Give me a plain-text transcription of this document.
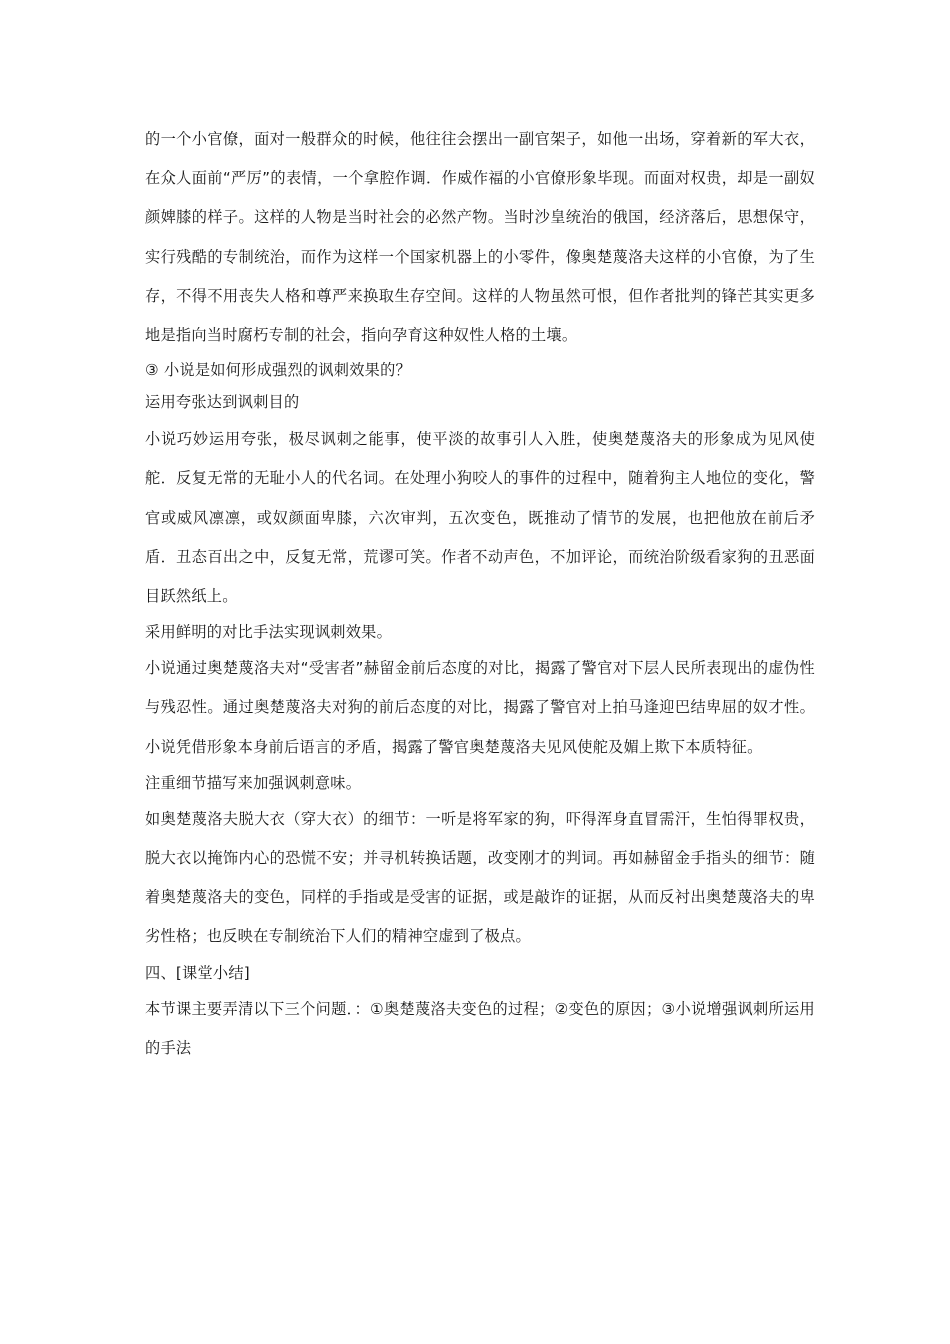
的一个小官僚，面对一般群众的时候，他往往会摆出一副官架子，如他一出场，穿着新的军大衣，在众人面前“严厉”的表情，一个拿腔作调．作威作福的小官僚形象毕现。而面对权贵，却是一副奴颜婢膝的样子。这样的人物是当时社会的必然产物。当时沙皇统治的俄国，经济落后，思想保守，实行残酷的专制统治，而作为这样一个国家机器上的小零件，像奥楚蔑洛夫这样的小官僚，为了生存，不得不用丧失人格和尊严来换取生存空间。这样的人物虽然可恨，但作者批判的锋芒其实更多地是指向当时腐朽专制的社会，指向孕育这种奴性人格的土壤。

③ 小说是如何形成强烈的讽刺效果的？

运用夸张达到讽刺目的

小说巧妙运用夸张，极尽讽刺之能事，使平淡的故事引人入胜，使奥楚蔑洛夫的形象成为见风使舵．反复无常的无耻小人的代名词。在处理小狗咬人的事件的过程中，随着狗主人地位的变化，警官或威风凛凛，或奴颜面卑膝，六次审判，五次变色，既推动了情节的发展，也把他放在前后矛盾．丑态百出之中，反复无常，荒谬可笑。作者不动声色，不加评论，而统治阶级看家狗的丑恶面目跃然纸上。

采用鲜明的对比手法实现讽刺效果。

小说通过奥楚蔑洛夫对“受害者”赫留金前后态度的对比，揭露了警官对下层人民所表现出的虚伪性与残忍性。通过奥楚蔑洛夫对狗的前后态度的对比，揭露了警官对上拍马逢迎巴结卑屈的奴才性。小说凭借形象本身前后语言的矛盾，揭露了警官奥楚蔑洛夫见风使舵及媚上欺下本质特征。

注重细节描写来加强讽刺意味。

如奥楚蔑洛夫脱大衣（穿大衣）的细节：一听是将军家的狗，吓得浑身直冒需汗，生怕得罪权贵，脱大衣以掩饰内心的恐慌不安；并寻机转换话题，改变刚才的判词。再如赫留金手指头的细节：随着奥楚蔑洛夫的变色，同样的手指或是受害的证据，或是敲诈的证据，从而反衬出奥楚蔑洛夫的卑劣性格；也反映在专制统治下人们的精神空虚到了极点。

四、[课堂小结]

本节课主要弄清以下三个问题．：①奥楚蔑洛夫变色的过程；②变色的原因；③小说增强讽刺所运用的手法
